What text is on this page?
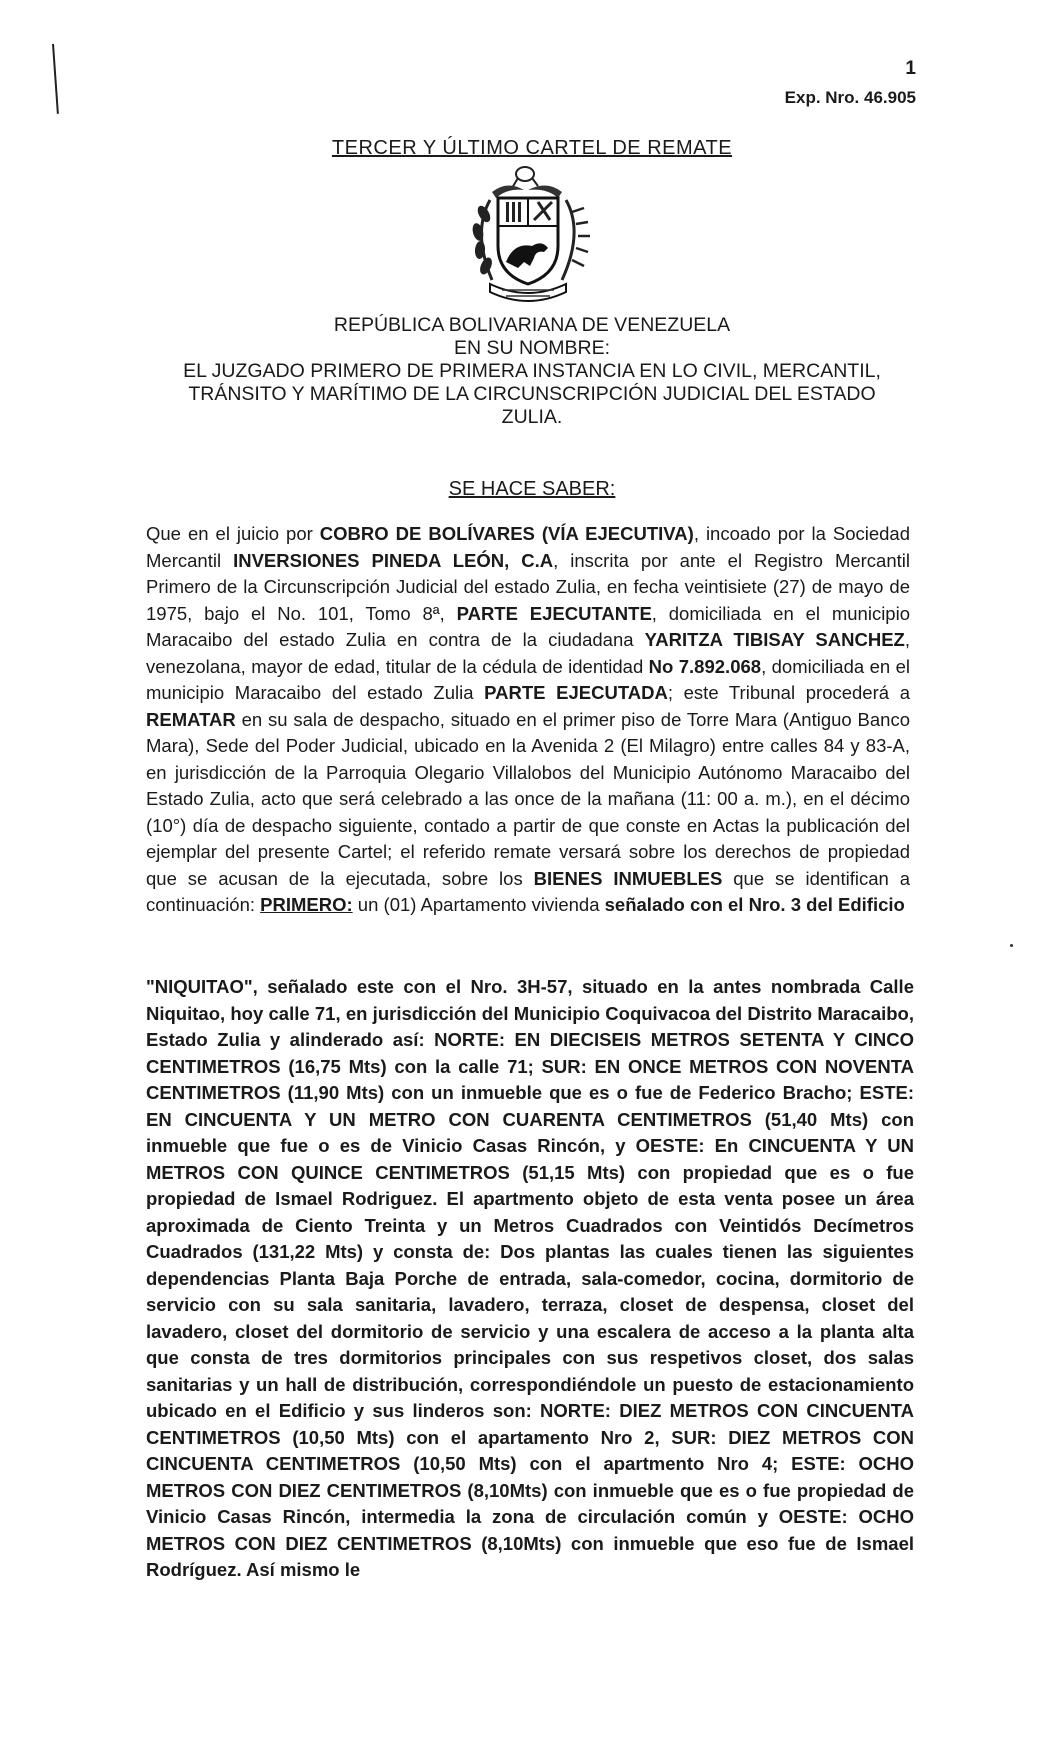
1
Exp. Nro. 46.905
TERCER Y ÚLTIMO CARTEL DE REMATE
REPÚBLICA BOLIVARIANA DE VENEZUELA
EN SU NOMBRE:
EL JUZGADO PRIMERO DE PRIMERA INSTANCIA EN LO CIVIL, MERCANTIL,
TRÁNSITO Y MARÍTIMO DE LA CIRCUNSCRIPCIÓN JUDICIAL DEL ESTADO
ZULIA.
SE HACE SABER:

Que en el juicio por COBRO DE BOLÍVARES (VÍA EJECUTIVA), incoado por la Sociedad Mercantil INVERSIONES PINEDA LEÓN, C.A, inscrita por ante el Registro Mercantil Primero de la Circunscripción Judicial del estado Zulia, en fecha veintisiete (27) de mayo de 1975, bajo el No. 101, Tomo 8ª, PARTE EJECUTANTE, domiciliada en el municipio Maracaibo del estado Zulia en contra de la ciudadana YARITZA TIBISAY SANCHEZ, venezolana, mayor de edad, titular de la cédula de identidad No 7.892.068, domiciliada en el municipio Maracaibo del estado Zulia PARTE EJECUTADA; este Tribunal procederá a REMATAR en su sala de despacho, situado en el primer piso de Torre Mara (Antiguo Banco Mara), Sede del Poder Judicial, ubicado en la Avenida 2 (El Milagro) entre calles 84 y 83-A, en jurisdicción de la Parroquia Olegario Villalobos del Municipio Autónomo Maracaibo del Estado Zulia, acto que será celebrado a las once de la mañana (11: 00 a. m.), en el décimo (10°) día de despacho siguiente, contado a partir de que conste en Actas la publicación del ejemplar del presente Cartel; el referido remate versará sobre los derechos de propiedad que se acusan de la ejecutada, sobre los BIENES INMUEBLES que se identifican a continuación: PRIMERO: un (01) Apartamento vivienda señalado con el Nro. 3 del Edificio

"NIQUITAO", señalado este con el Nro. 3H-57, situado en la antes nombrada Calle Niquitao, hoy calle 71, en jurisdicción del Municipio Coquivacoa del Distrito Maracaibo, Estado Zulia y alinderado así: NORTE: EN DIECISEIS METROS SETENTA Y CINCO CENTIMETROS (16,75 Mts) con la calle 71; SUR: EN ONCE METROS CON NOVENTA CENTIMETROS (11,90 Mts) con un inmueble que es o fue de Federico Bracho; ESTE: EN CINCUENTA Y UN METRO CON CUARENTA CENTIMETROS (51,40 Mts) con inmueble que fue o es de Vinicio Casas Rincón, y OESTE: En CINCUENTA Y UN METROS CON QUINCE CENTIMETROS (51,15 Mts) con propiedad que es o fue propiedad de Ismael Rodriguez. El apartmento objeto de esta venta posee un área aproximada de Ciento Treinta y un Metros Cuadrados con Veintidós Decímetros Cuadrados (131,22 Mts) y consta de: Dos plantas las cuales tienen las siguientes dependencias Planta Baja Porche de entrada, sala-comedor, cocina, dormitorio de servicio con su sala sanitaria, lavadero, terraza, closet de despensa, closet del lavadero, closet del dormitorio de servicio y una escalera de acceso a la planta alta que consta de tres dormitorios principales con sus respetivos closet, dos salas sanitarias y un hall de distribución, correspondiéndole un puesto de estacionamiento ubicado en el Edificio y sus linderos son: NORTE: DIEZ METROS CON CINCUENTA CENTIMETROS (10,50 Mts) con el apartamento Nro 2, SUR: DIEZ METROS CON CINCUENTA CENTIMETROS (10,50 Mts) con el apartmento Nro 4; ESTE: OCHO METROS CON DIEZ CENTIMETROS (8,10Mts) con inmueble que es o fue propiedad de Vinicio Casas Rincón, intermedia la zona de circulación común y OESTE: OCHO METROS CON DIEZ CENTIMETROS (8,10Mts) con inmueble que eso fue de Ismael Rodríguez. Así mismo le
